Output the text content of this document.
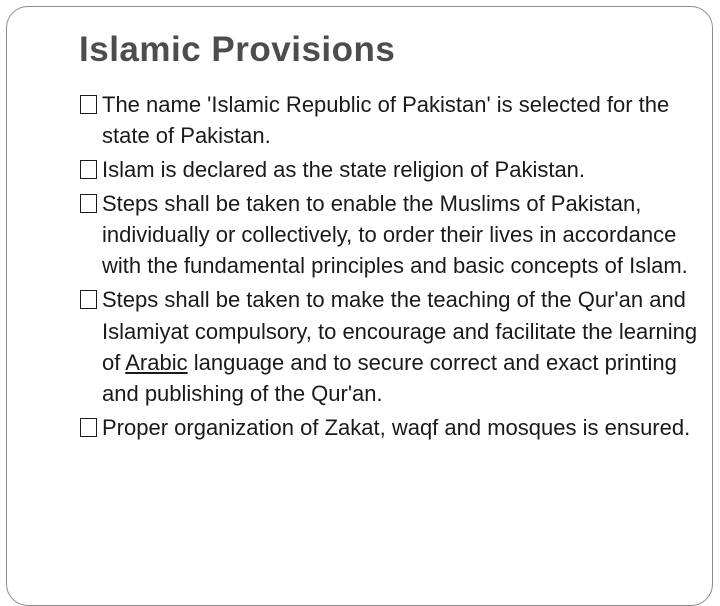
Islamic Provisions
The name 'Islamic Republic of Pakistan' is selected for the state of Pakistan.
Islam is declared as the state religion of Pakistan.
Steps shall be taken to enable the Muslims of Pakistan, individually or collectively, to order their lives in accordance with the fundamental principles and basic concepts of Islam.
Steps shall be taken to make the teaching of the Qur'an and Islamiyat compulsory, to encourage and facilitate the learning of Arabic language and to secure correct and exact printing and publishing of the Qur'an.
Proper organization of Zakat, waqf and mosques is ensured.
